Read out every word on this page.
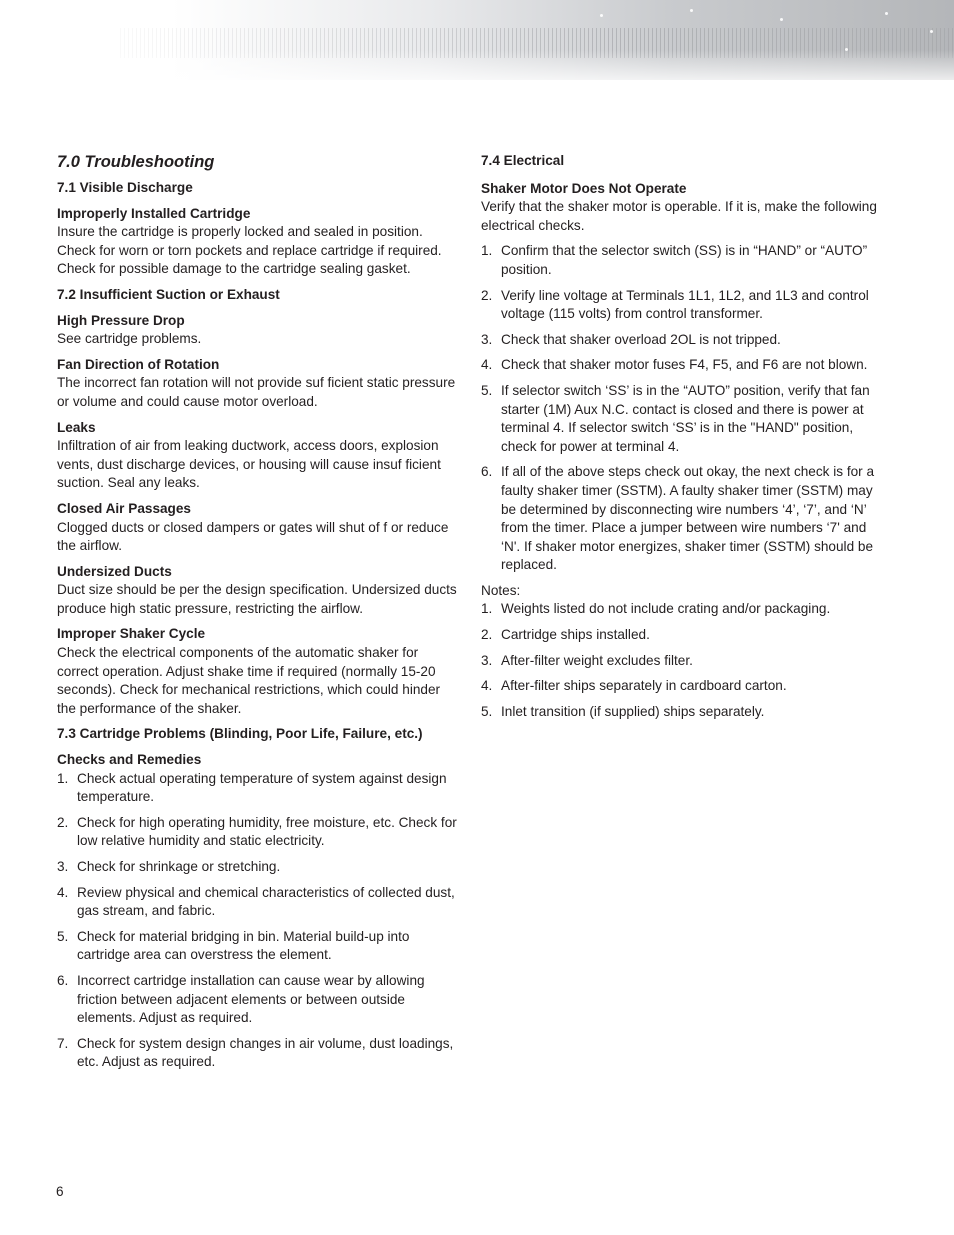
7.0 Troubleshooting
7.1 Visible Discharge
Improperly Installed Cartridge
Insure the cartridge is properly locked and sealed in position. Check for worn or torn pockets and replace cartridge if required. Check for possible damage to the cartridge sealing gasket.
7.2 Insufficient Suction or Exhaust
High Pressure Drop
See cartridge problems.
Fan Direction of Rotation
The incorrect fan rotation will not provide suf ficient static pressure or volume and could cause motor overload.
Leaks
Infiltration of air from leaking ductwork, access doors, explosion vents, dust discharge devices, or housing will cause insuf ficient suction. Seal any leaks.
Closed Air Passages
Clogged ducts or closed dampers or gates will shut of f or reduce the airflow.
Undersized Ducts
Duct size should be per the design specification. Undersized ducts produce high static pressure, restricting the airflow.
Improper Shaker Cycle
Check the electrical components of the automatic shaker for correct operation. Adjust shake time if required (normally 15-20 seconds). Check for mechanical restrictions, which could hinder the performance of the shaker.
7.3 Cartridge Problems (Blinding, Poor Life, Failure, etc.)
Checks and Remedies
1. Check actual operating temperature of system against design temperature.
2. Check for high operating humidity, free moisture, etc. Check for low relative humidity and static electricity.
3. Check for shrinkage or stretching.
4. Review physical and chemical characteristics of collected dust, gas stream, and fabric.
5. Check for material bridging in bin. Material build-up into cartridge area can overstress the element.
6. Incorrect cartridge installation can cause wear by allowing friction between adjacent elements or between outside elements. Adjust as required.
7. Check for system design changes in air volume, dust loadings, etc. Adjust as required.
7.4 Electrical
Shaker Motor Does Not Operate
Verify that the shaker motor is operable. If it is, make the following electrical checks.
1. Confirm that the selector switch (SS) is in “HAND” or “AUTO” position.
2. Verify line voltage at Terminals 1L1, 1L2, and 1L3 and control voltage (115 volts) from control transformer.
3. Check that shaker overload 2OL is not tripped.
4. Check that shaker motor fuses F4, F5, and F6 are not blown.
5. If selector switch ‘SS’ is in the “AUTO” position, verify that fan starter (1M) Aux N.C. contact is closed and there is power at terminal 4. If selector switch ‘SS’ is in the "HAND" position, check for power at terminal 4.
6. If all of the above steps check out okay, the next check is for a faulty shaker timer (SSTM). A faulty shaker timer (SSTM) may be determined by disconnecting wire numbers ‘4’, ‘7’, and ‘N’ from the timer. Place a jumper between wire numbers ‘7' and ‘N'. If shaker motor energizes, shaker timer (SSTM) should be replaced.
Notes:
1. Weights listed do not include crating and/or packaging.
2. Cartridge ships installed.
3. After-filter weight excludes filter.
4. After-filter ships separately in cardboard carton.
5. Inlet transition (if supplied) ships separately.
6
